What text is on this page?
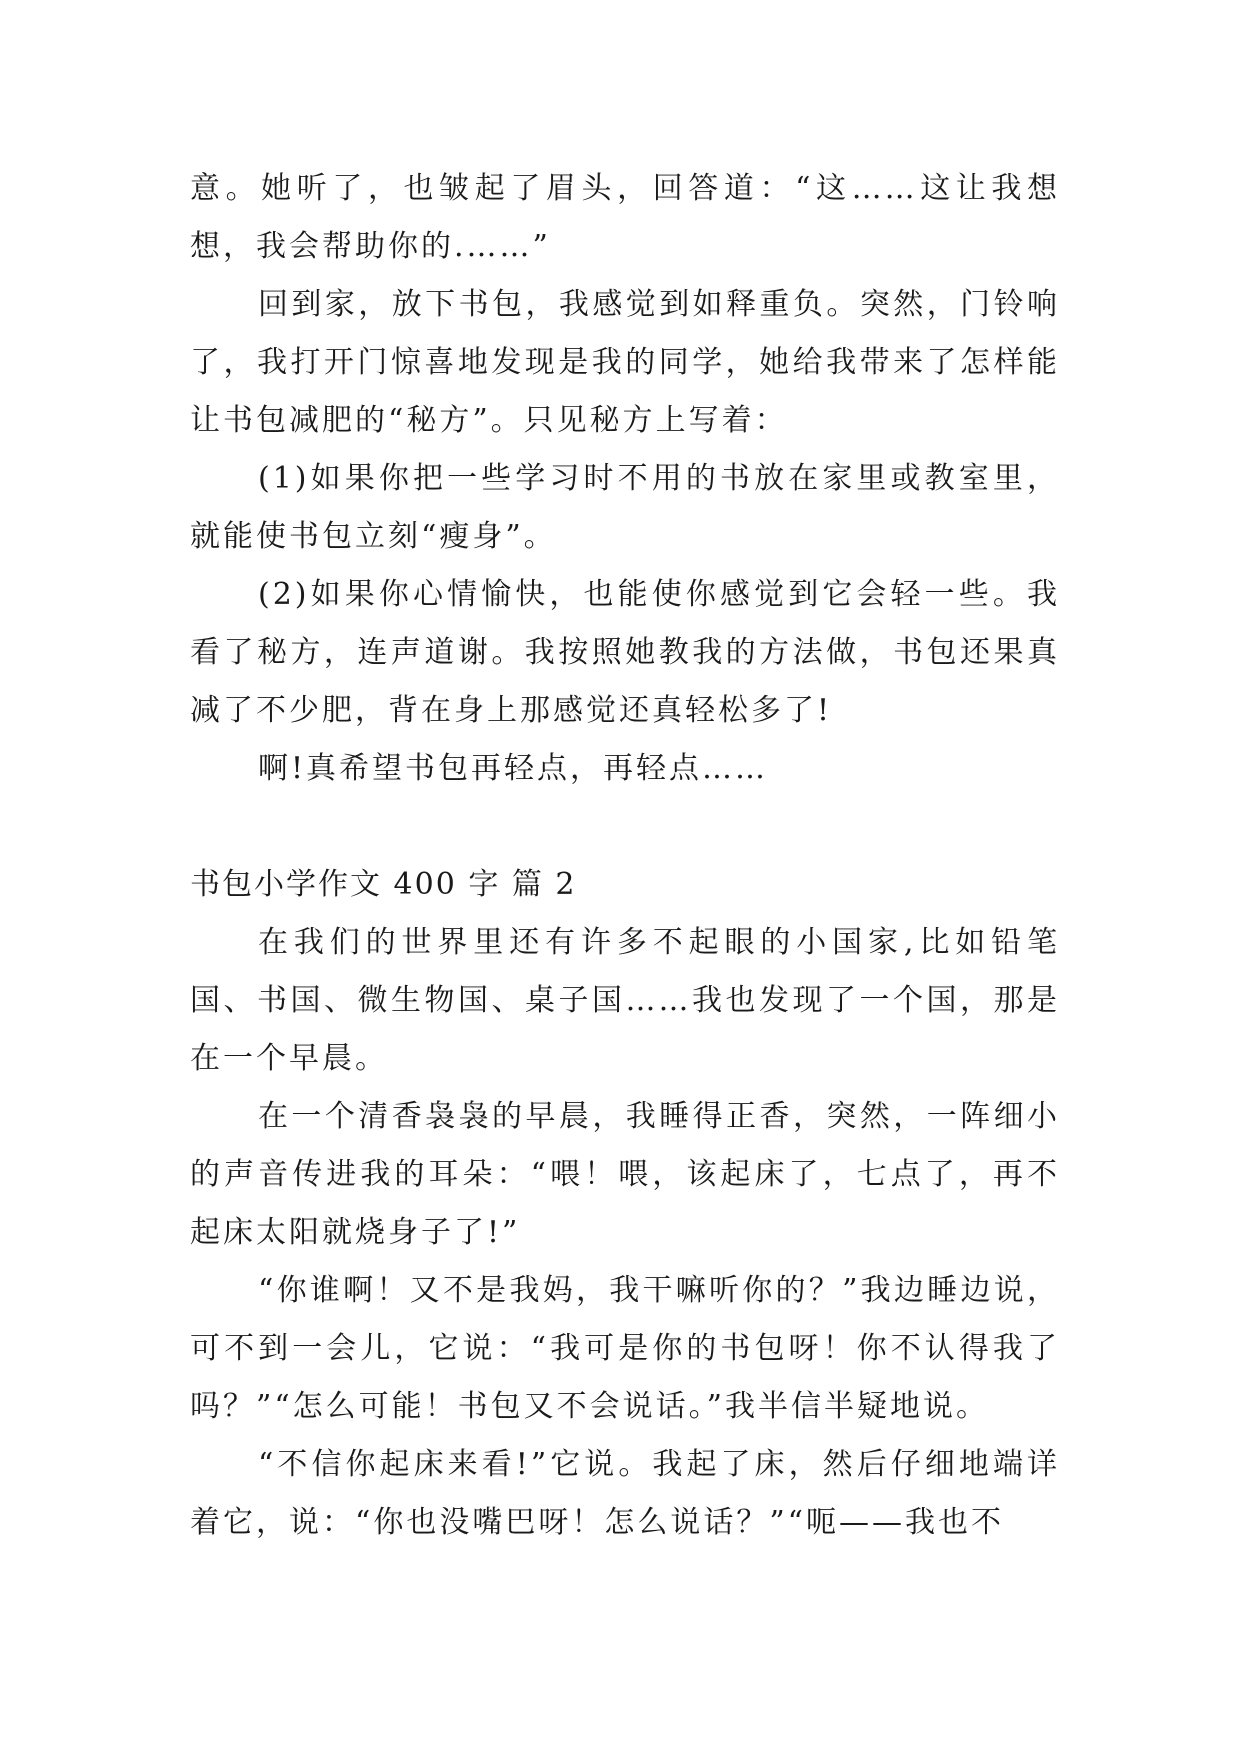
意。她听了，也皱起了眉头，回答道：“这……这让我想想，我会帮助你的.……”

回到家，放下书包，我感觉到如释重负。突然，门铃响了，我打开门惊喜地发现是我的同学，她给我带来了怎样能让书包减肥的“秘方”。只见秘方上写着：

(1)如果你把一些学习时不用的书放在家里或教室里，就能使书包立刻“瘦身”。

(2)如果你心情愉快，也能使你感觉到它会轻一些。我看了秘方，连声道谢。我按照她教我的方法做，书包还果真减了不少肥，背在身上那感觉还真轻松多了!

啊!真希望书包再轻点，再轻点……

书包小学作文 400 字 篇 2

在我们的世界里还有许多不起眼的小国家,比如铅笔国、书国、微生物国、桌子国……我也发现了一个国，那是在一个早晨。

在一个清香袅袅的早晨，我睡得正香，突然，一阵细小的声音传进我的耳朵：“喂！喂，该起床了，七点了，再不起床太阳就烧身子了!”

“你谁啊！又不是我妈，我干嘛听你的？”我边睡边说，可不到一会儿，它说：“我可是你的书包呀！你不认得我了吗？”“怎么可能！书包又不会说话。”我半信半疑地说。

“不信你起床来看!”它说。我起了床，然后仔细地端详着它，说：“你也没嘴巴呀！怎么说话？”“呃——我也不
